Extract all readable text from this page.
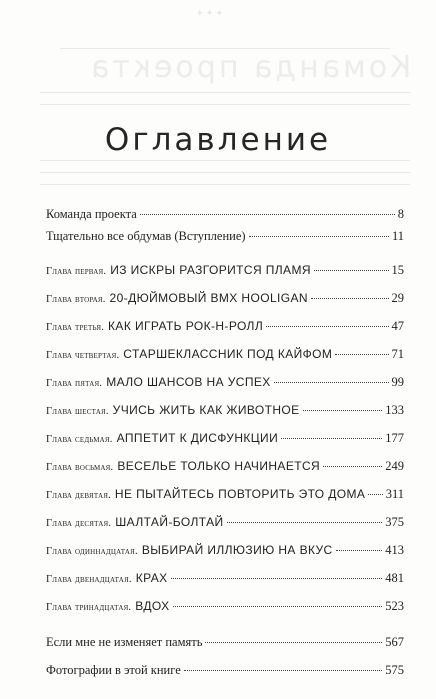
✦ ✦ ✦
Команда проекта
Оглавление
Команда проекта	8
Тщательно все обдумав (Вступление)	11
Глава первая. ИЗ ИСКРЫ РАЗГОРИТСЯ ПЛАМЯ	15
Глава вторая. 20-ДЮЙМОВЫЙ BMX HOOLIGAN	29
Глава третья. КАК ИГРАТЬ РОК-Н-РОЛЛ	47
Глава четвертая. СТАРШЕКЛАССНИК ПОД КАЙФОМ	71
Глава пятая. МАЛО ШАНСОВ НА УСПЕХ	99
Глава шестая. УЧИСЬ ЖИТЬ КАК ЖИВОТНОЕ	133
Глава седьмая. АППЕТИТ К ДИСФУНКЦИИ	177
Глава восьмая. ВЕСЕЛЬЕ ТОЛЬКО НАЧИНАЕТСЯ	249
Глава девятая. НЕ ПЫТАЙТЕСЬ ПОВТОРИТЬ ЭТО ДОМА 311
Глава десятая. ШАЛТАЙ-БОЛТАЙ	375
Глава одиннадцатая. ВЫБИРАЙ ИЛЛЮЗИЮ НА ВКУС	413
Глава двенадцатая. КРАХ	481
Глава тринадцатая. ВДОХ	523
Если мне не изменяет память	567
Фотографии в этой книге	575
